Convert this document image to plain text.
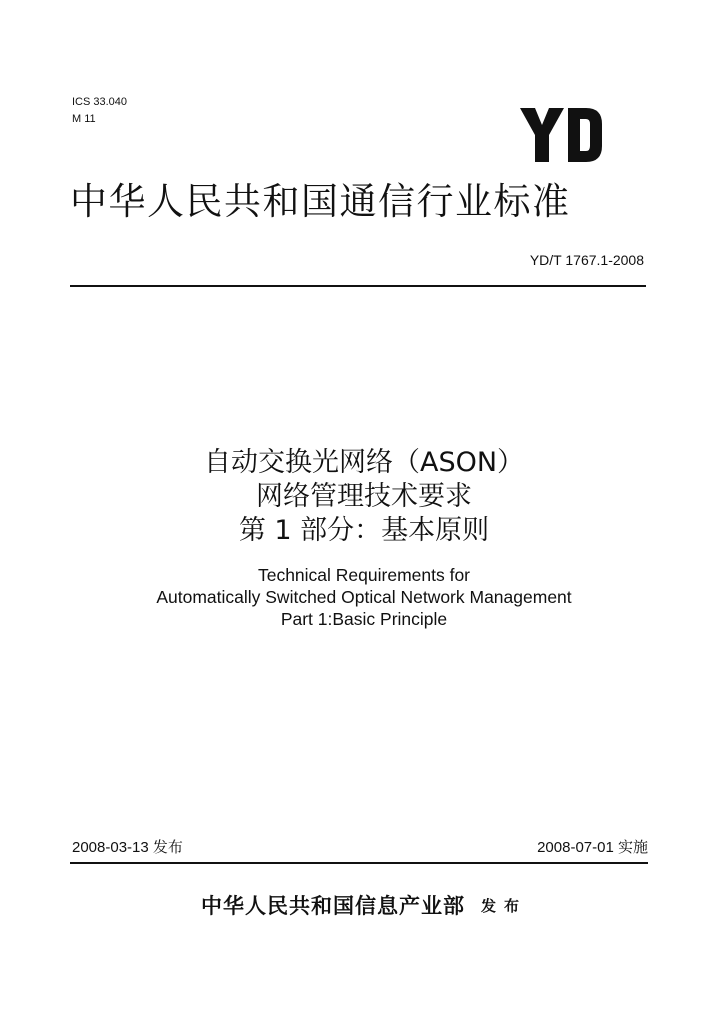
ICS 33.040
M 11
中华人民共和国通信行业标准
YD/T 1767.1-2008
自动交换光网络（ASON）
网络管理技术要求
第 1 部分：基本原则
Technical Requirements for
Automatically Switched Optical Network Management
Part 1:Basic Principle
2008-03-13 发布	2008-07-01 实施
中华人民共和国信息产业部 发布
